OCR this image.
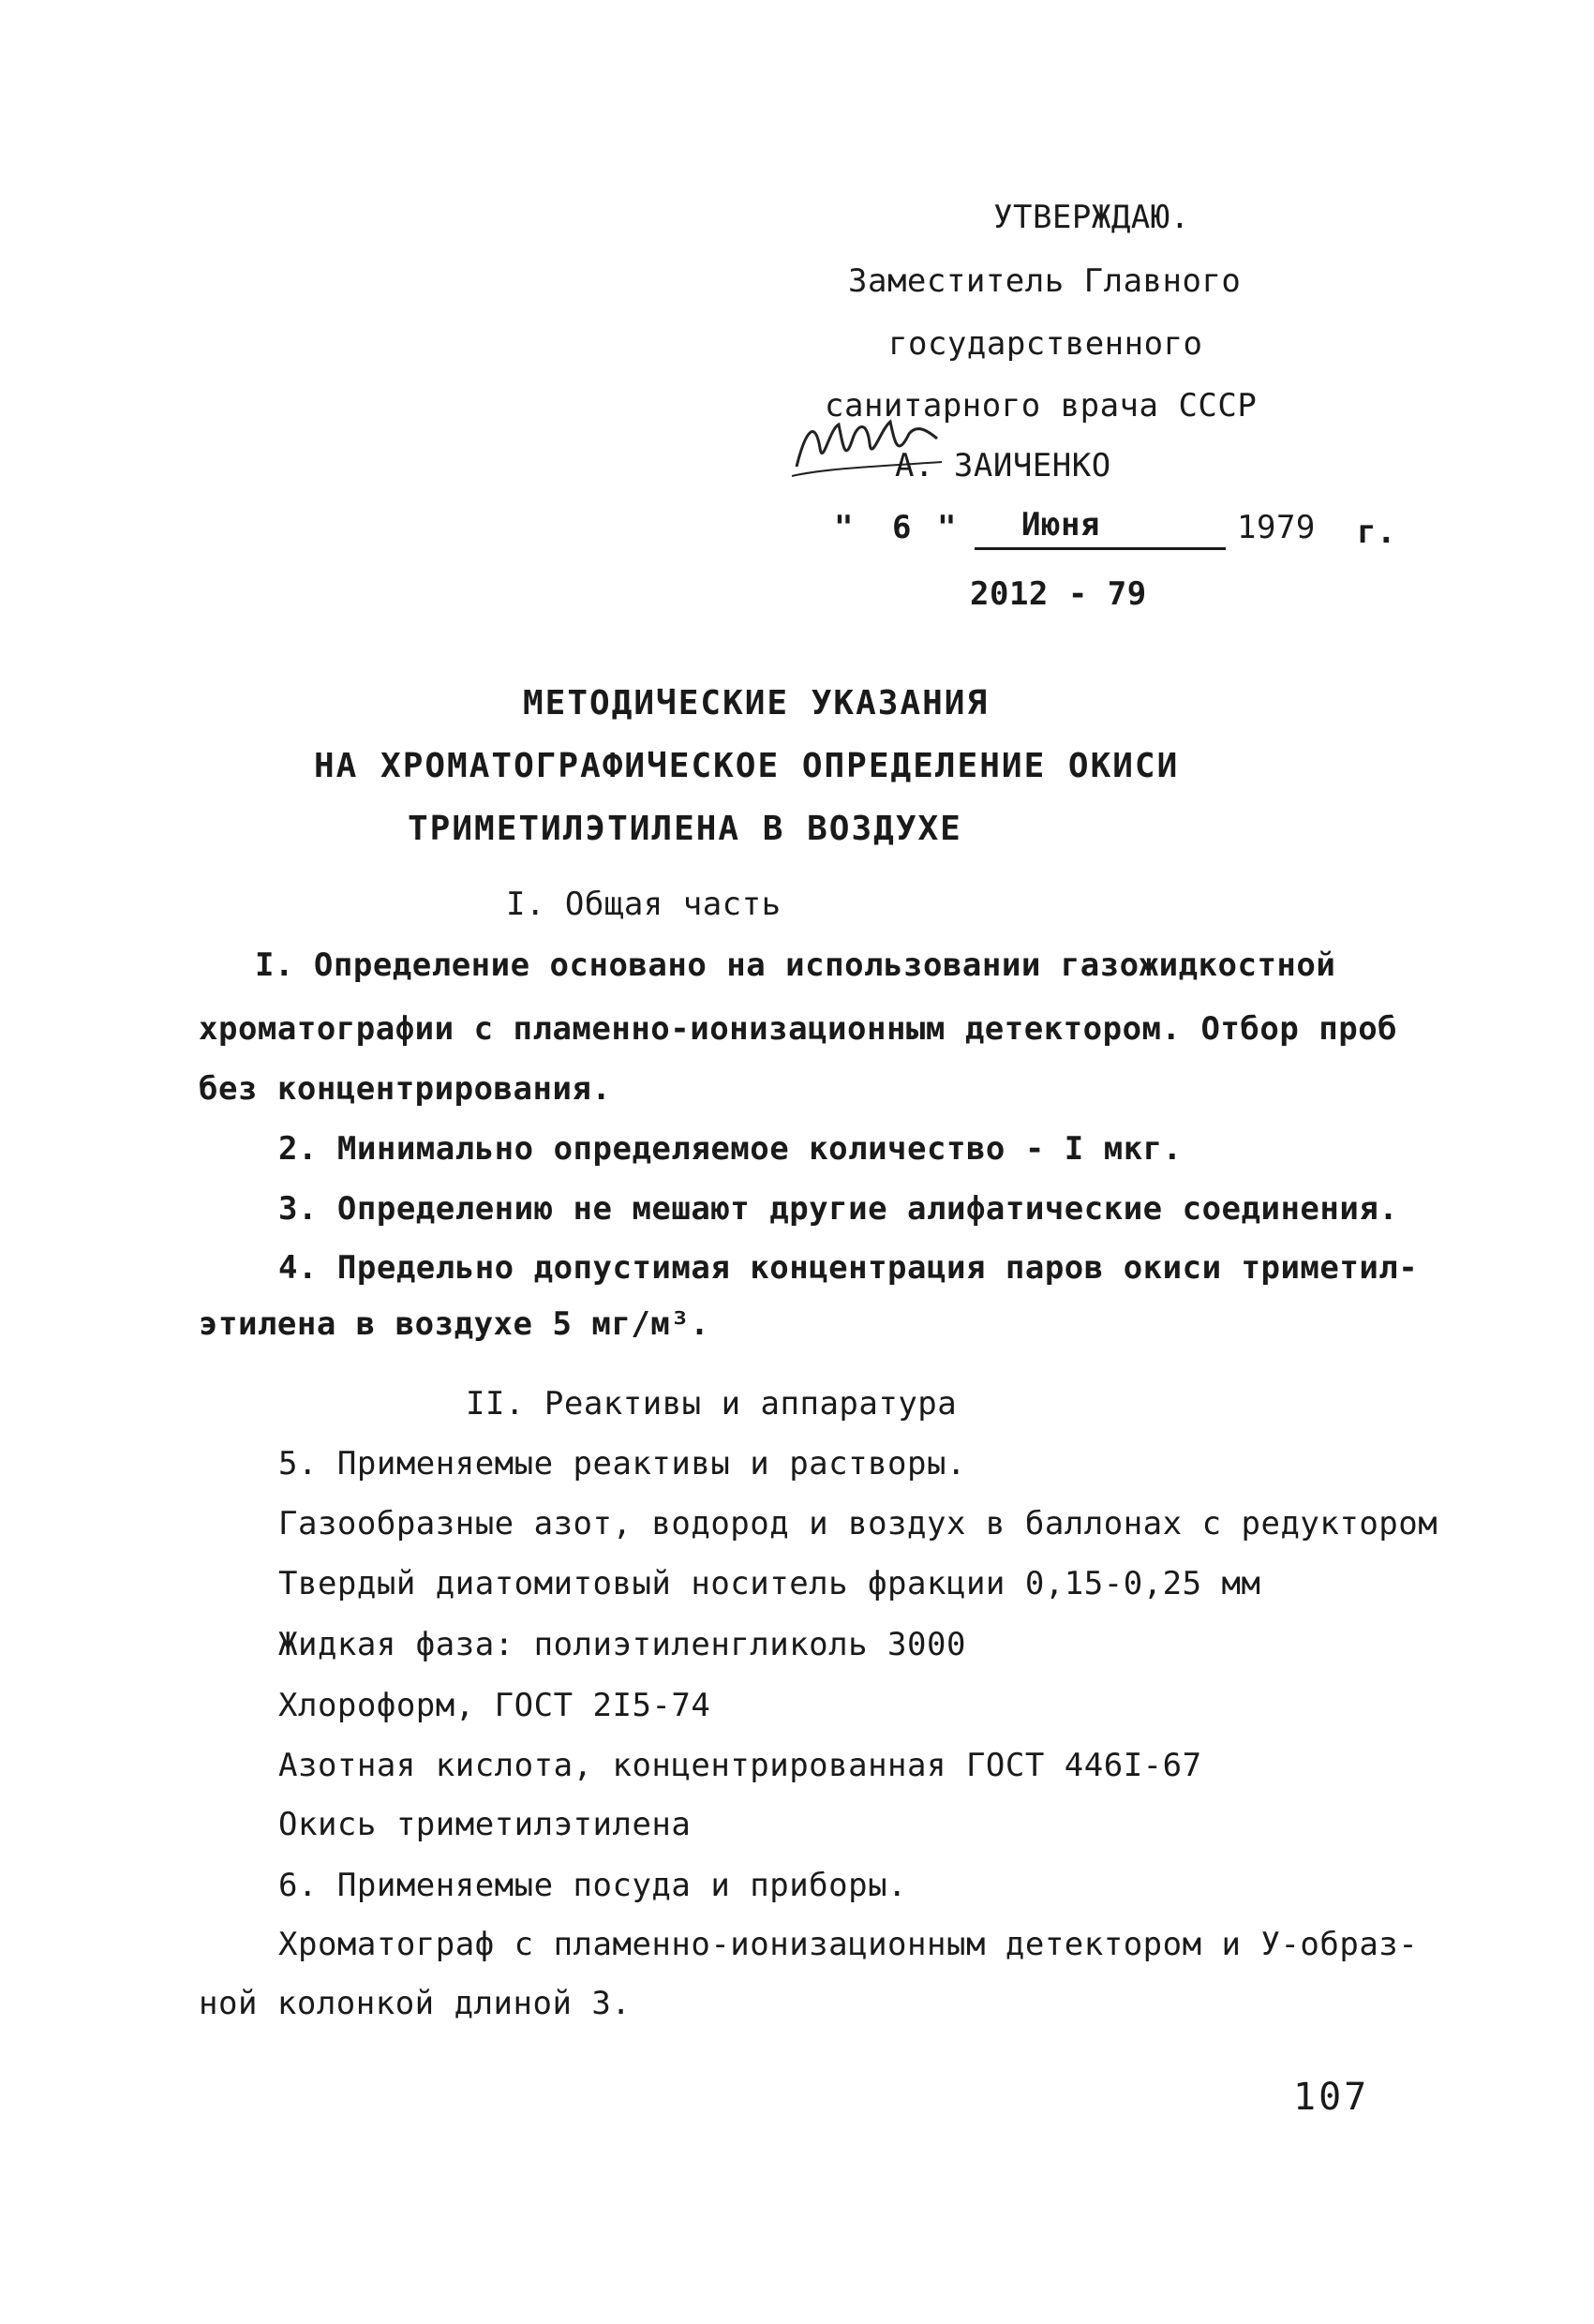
УТВЕРЖДАЮ.
Заместитель Главного
государственного
санитарного врача СССР
А. ЗАИЧЕНКО
" 6 " Июня	1979 г.
2012 - 79
МЕТОДИЧЕСКИЕ УКАЗАНИЯ
НА ХРОМАТОГРАФИЧЕСКОЕ ОПРЕДЕЛЕНИЕ ОКИСИ
ТРИМЕТИЛЭТИЛЕНА В ВОЗДУХЕ
I. Общая часть
I. Определение основано на использовании газожидкостной
хроматографии с пламенно-ионизационным детектором. Отбор проб
без концентрирования.
2. Минимально определяемое количество - I мкг.
3. Определению не мешают другие алифатические соединения.
4. Предельно допустимая концентрация паров окиси триметил-
этилена в воздухе 5 мг/м³.
II. Реактивы и аппаратура
5. Применяемые реактивы и растворы.
Газообразные азот, водород и воздух в баллонах с редуктором
Твердый диатомитовый носитель фракции 0,15-0,25 мм
Жидкая фаза: полиэтиленгликоль 3000
Хлороформ, ГОСТ 2I5-74
Азотная кислота, концентрированная ГОСТ 446I-67
Окись триметилэтилена
6. Применяемые посуда и приборы.
Хроматограф с пламенно-ионизационным детектором и У-образ-
ной колонкой длиной 3.
107
